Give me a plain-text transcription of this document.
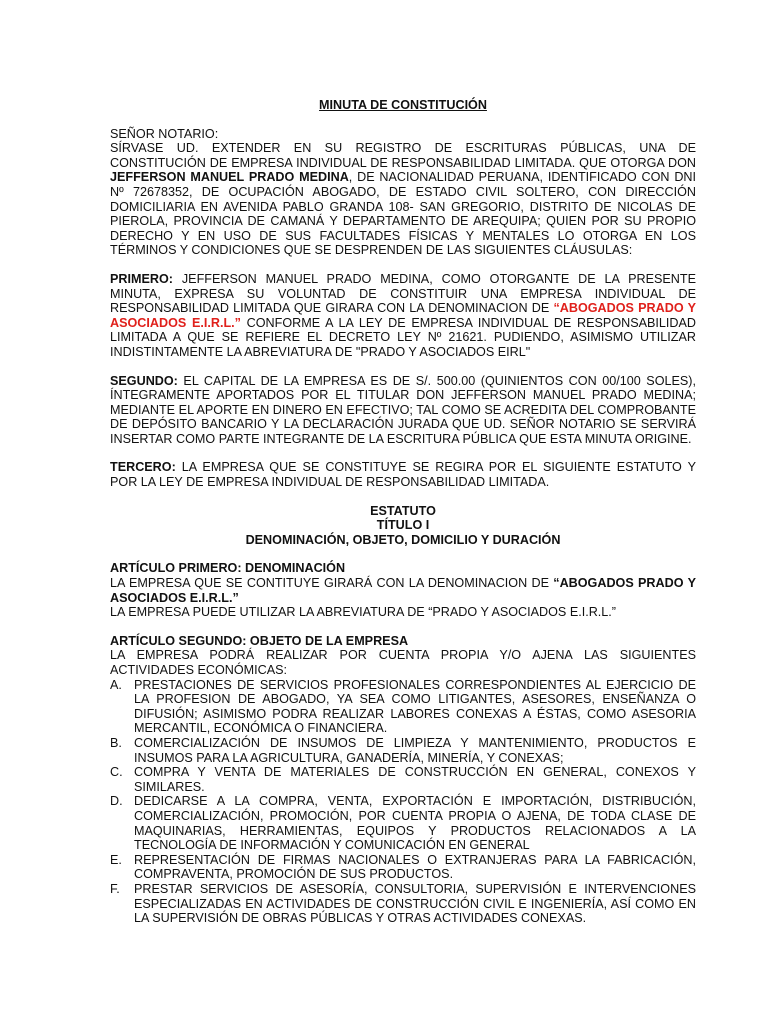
MINUTA DE CONSTITUCIÓN

SEÑOR NOTARIO:

SÍRVASE UD. EXTENDER EN SU REGISTRO DE ESCRITURAS PÚBLICAS, UNA DE CONSTITUCIÓN DE EMPRESA INDIVIDUAL DE RESPONSABILIDAD LIMITADA. QUE OTORGA DON JEFFERSON MANUEL PRADO MEDINA, DE NACIONALIDAD PERUANA, IDENTIFICADO CON DNI Nº 72678352, DE OCUPACIÓN ABOGADO, DE ESTADO CIVIL SOLTERO, CON DIRECCIÓN DOMICILIARIA EN AVENIDA PABLO GRANDA 108- SAN GREGORIO, DISTRITO DE NICOLAS DE PIEROLA, PROVINCIA DE CAMANÁ Y DEPARTAMENTO DE AREQUIPA; QUIEN POR SU PROPIO DERECHO Y EN USO DE SUS FACULTADES FÍSICAS Y MENTALES LO OTORGA EN LOS TÉRMINOS Y CONDICIONES QUE SE DESPRENDEN DE LAS SIGUIENTES CLÁUSULAS:

PRIMERO: JEFFERSON MANUEL PRADO MEDINA, COMO OTORGANTE DE LA PRESENTE MINUTA, EXPRESA SU VOLUNTAD DE CONSTITUIR UNA EMPRESA INDIVIDUAL DE RESPONSABILIDAD LIMITADA QUE GIRARA CON LA DENOMINACION DE “ABOGADOS PRADO Y ASOCIADOS E.I.R.L.” CONFORME A LA LEY DE EMPRESA INDIVIDUAL DE RESPONSABILIDAD LIMITADA A QUE SE REFIERE EL DECRETO LEY Nº 21621. PUDIENDO, ASIMISMO UTILIZAR INDISTINTAMENTE LA ABREVIATURA DE "PRADO Y ASOCIADOS EIRL"

SEGUNDO: EL CAPITAL DE LA EMPRESA ES DE S/. 500.00 (QUINIENTOS CON 00/100 SOLES), ÍNTEGRAMENTE APORTADOS POR EL TITULAR DON JEFFERSON MANUEL PRADO MEDINA; MEDIANTE EL APORTE EN DINERO EN EFECTIVO; TAL COMO SE ACREDITA DEL COMPROBANTE DE DEPÓSITO BANCARIO Y LA DECLARACIÓN JURADA QUE UD. SEÑOR NOTARIO SE SERVIRÁ INSERTAR COMO PARTE INTEGRANTE DE LA ESCRITURA PÚBLICA QUE ESTA MINUTA ORIGINE.

TERCERO: LA EMPRESA QUE SE CONSTITUYE SE REGIRA POR EL SIGUIENTE ESTATUTO Y POR LA LEY DE EMPRESA INDIVIDUAL DE RESPONSABILIDAD LIMITADA.

ESTATUTO
TÍTULO I
DENOMINACIÓN, OBJETO, DOMICILIO Y DURACIÓN

ARTÍCULO PRIMERO: DENOMINACIÓN

LA EMPRESA QUE SE CONTITUYE GIRARÁ CON LA DENOMINACION DE “ABOGADOS PRADO Y ASOCIADOS E.I.R.L.”

LA EMPRESA PUEDE UTILIZAR LA ABREVIATURA DE “PRADO Y ASOCIADOS E.I.R.L.”

ARTÍCULO SEGUNDO: OBJETO DE LA EMPRESA

LA EMPRESA PODRÁ REALIZAR POR CUENTA PROPIA Y/O AJENA LAS SIGUIENTES ACTIVIDADES ECONÓMICAS:

A. PRESTACIONES DE SERVICIOS PROFESIONALES CORRESPONDIENTES AL EJERCICIO DE LA PROFESION DE ABOGADO, YA SEA COMO LITIGANTES, ASESORES, ENSEÑANZA O DIFUSIÓN; ASIMISMO PODRA REALIZAR LABORES CONEXAS A ÉSTAS, COMO ASESORIA MERCANTIL, ECONÓMICA O FINANCIERA.
B. COMERCIALIZACIÓN DE INSUMOS DE LIMPIEZA Y MANTENIMIENTO, PRODUCTOS E INSUMOS PARA LA AGRICULTURA, GANADERÍA, MINERÍA, Y CONEXAS;
C. COMPRA Y VENTA DE MATERIALES DE CONSTRUCCIÓN EN GENERAL, CONEXOS Y SIMILARES.
D. DEDICARSE A LA COMPRA, VENTA, EXPORTACIÓN E IMPORTACIÓN, DISTRIBUCIÓN, COMERCIALIZACIÓN, PROMOCIÓN, POR CUENTA PROPIA O AJENA, DE TODA CLASE DE MAQUINARIAS, HERRAMIENTAS, EQUIPOS Y PRODUCTOS RELACIONADOS A LA TECNOLOGÍA DE INFORMACIÓN Y COMUNICACIÓN EN GENERAL
E. REPRESENTACIÓN DE FIRMAS NACIONALES O EXTRANJERAS PARA LA FABRICACIÓN, COMPRAVENTA, PROMOCIÓN DE SUS PRODUCTOS.
F.	PRESTAR SERVICIOS DE ASESORÍA, CONSULTORIA, SUPERVISIÓN E INTERVENCIONES ESPECIALIZADAS EN ACTIVIDADES DE CONSTRUCCIÓN CIVIL E INGENIERÍA, ASÍ COMO EN LA SUPERVISIÓN DE OBRAS PÚBLICAS Y OTRAS ACTIVIDADES CONEXAS.
